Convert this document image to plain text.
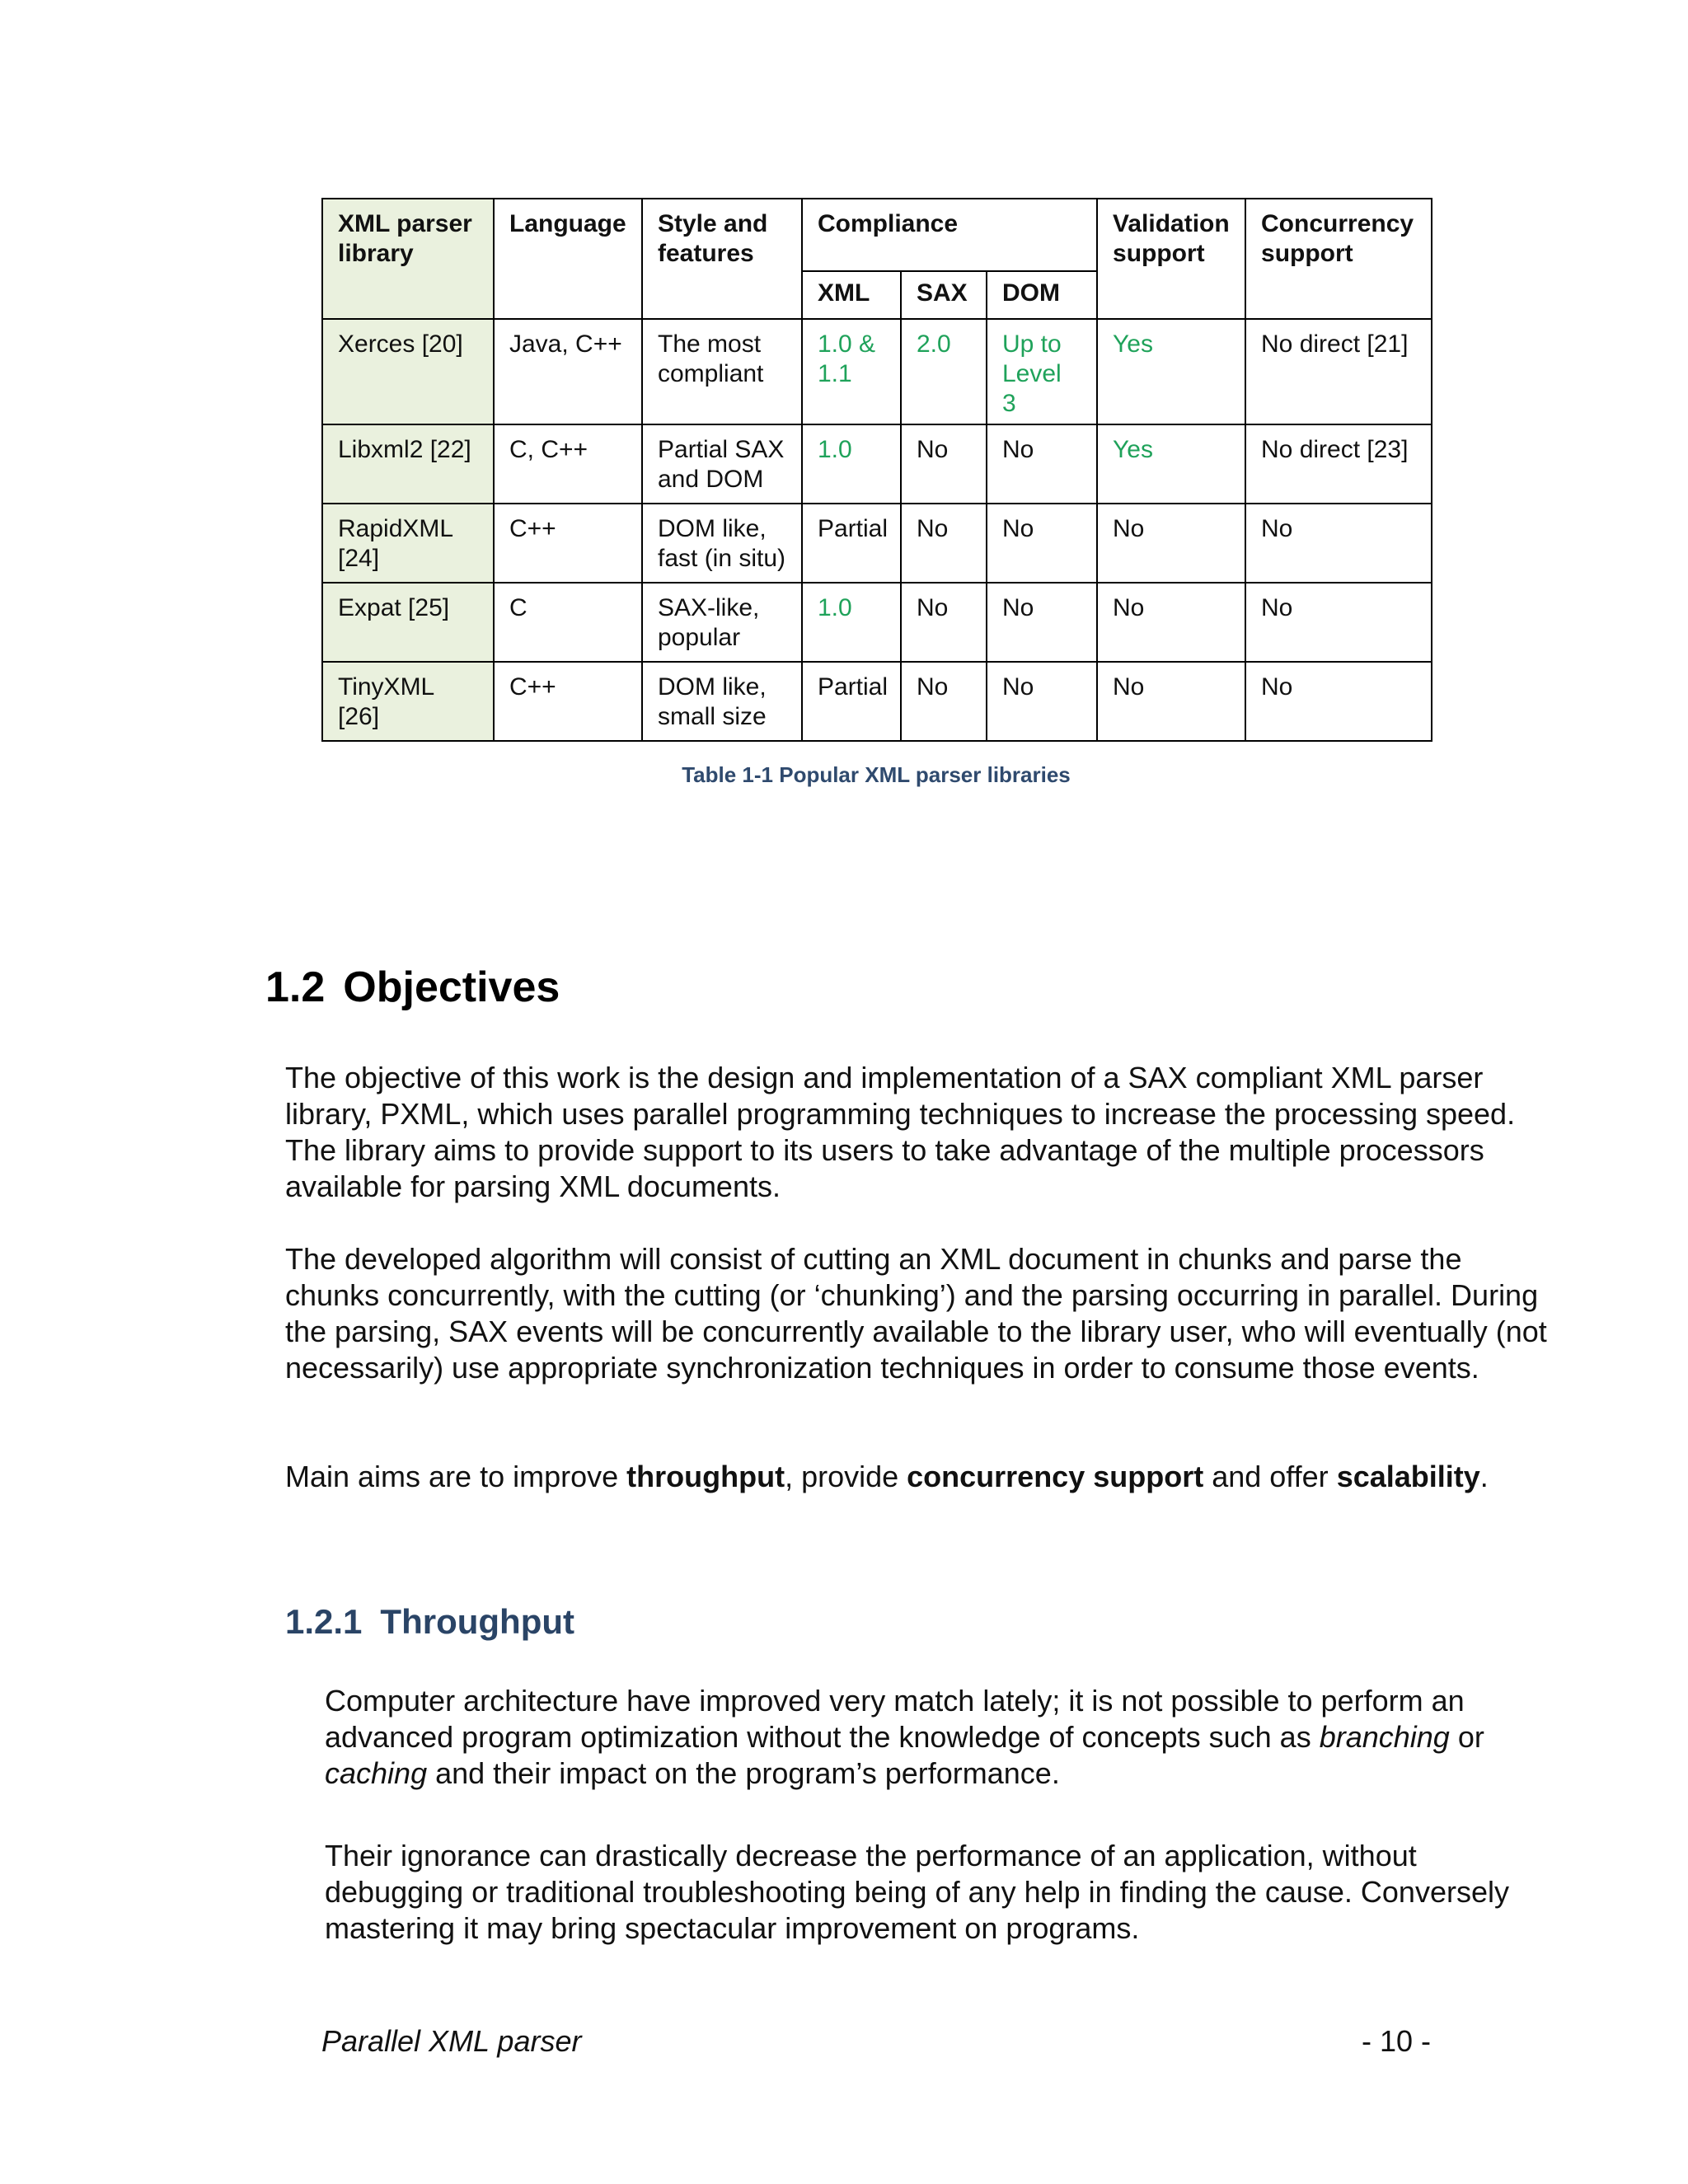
XML parser library	Language	Style and features	Compliance			Validation support	Concurrency support
			XML	SAX	DOM		
Xerces [20]	Java, C++	The most compliant	1.0 & 1.1	2.0	Up to Level 3	Yes	No direct [21]
Libxml2 [22]	C, C++	Partial SAX and DOM	1.0	No	No	Yes	No direct [23]
RapidXML [24]	C++	DOM like, fast (in situ)	Partial	No	No	No	No
Expat [25]	C	SAX-like, popular	1.0	No	No	No	No
TinyXML [26]	C++	DOM like, small size	Partial	No	No	No	No
Table 1-1 Popular XML parser libraries
1.2 Objectives

The objective of this work is the design and implementation of a SAX compliant XML parser library, PXML, which uses parallel programming techniques to increase the processing speed. The library aims to provide support to its users to take advantage of the multiple processors available for parsing XML documents.

The developed algorithm will consist of cutting an XML document in chunks and parse the chunks concurrently, with the cutting (or ‘chunking’) and the parsing occurring in parallel. During the parsing, SAX events will be concurrently available to the library user, who will eventually (not necessarily) use appropriate synchronization techniques in order to consume those events.

Main aims are to improve throughput, provide concurrency support and offer scalability.

1.2.1 Throughput

Computer architecture have improved very match lately; it is not possible to perform an advanced program optimization without the knowledge of concepts such as branching or caching and their impact on the program’s performance.

Their ignorance can drastically decrease the performance of an application, without debugging or traditional troubleshooting being of any help in finding the cause. Conversely mastering it may bring spectacular improvement on programs.

Parallel XML parser	- 10 -
